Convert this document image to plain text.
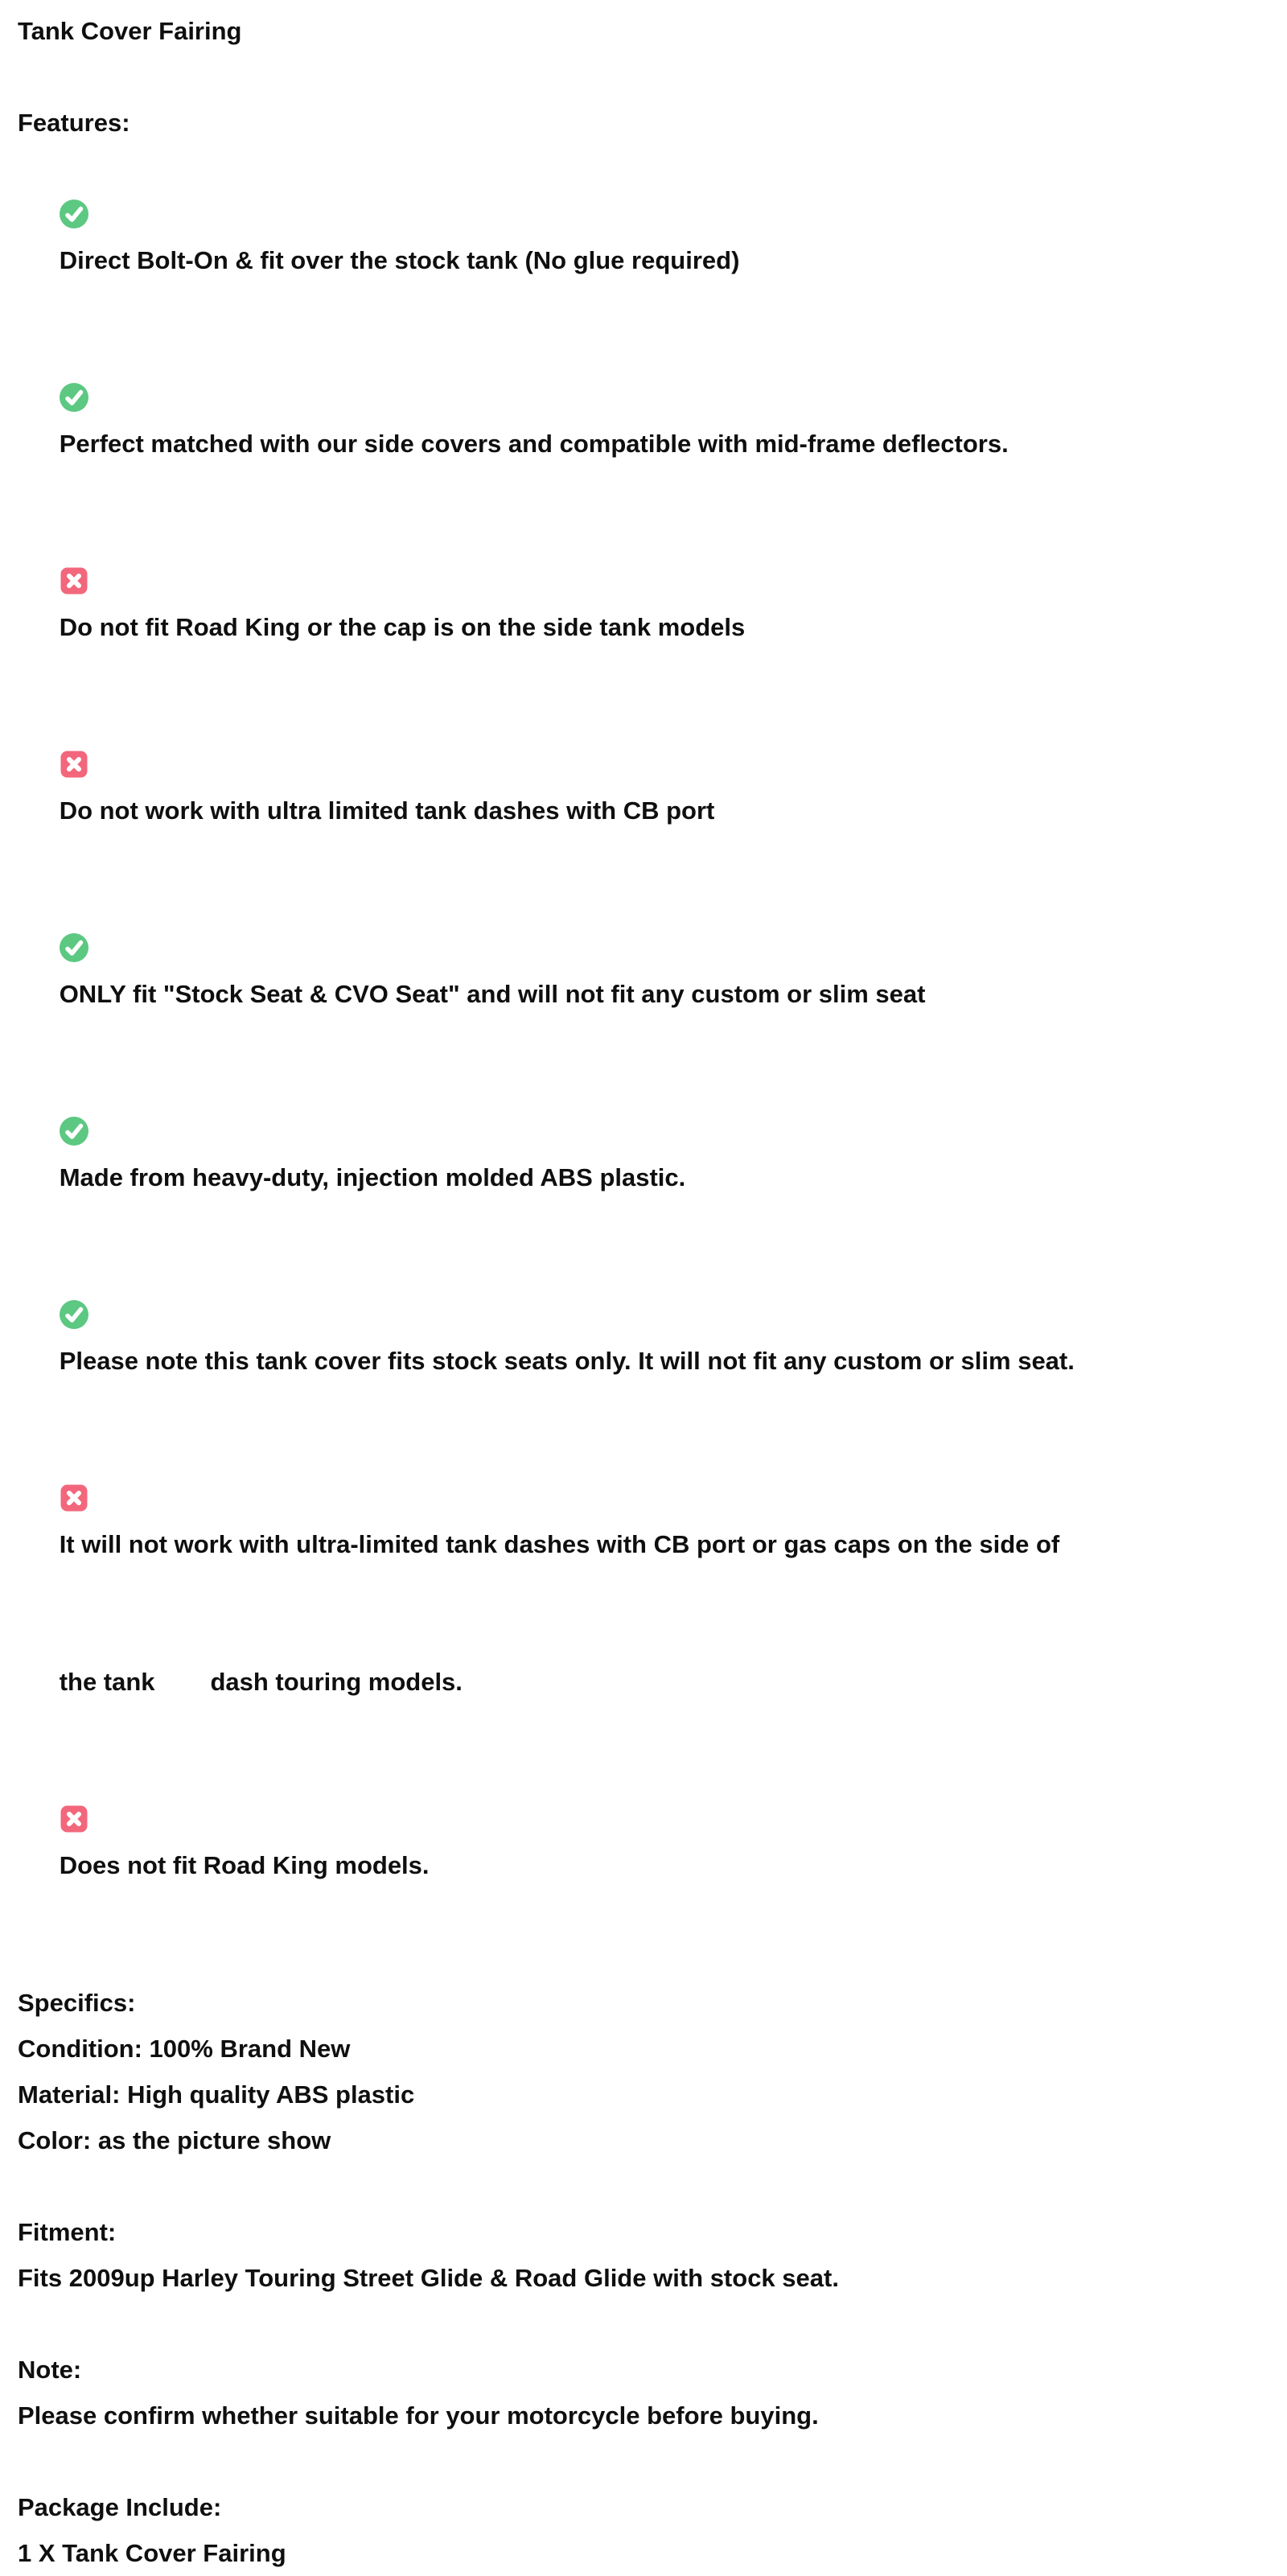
Tank Cover Fairing
Features:

Direct Bolt-On & fit over the stock tank (No glue required)

Perfect matched with our side covers and compatible with mid-frame deflectors.

Do not fit Road King or the cap is on the side tank models

Do not work with ultra limited tank dashes with CB port

ONLY fit "Stock Seat & CVO Seat" and will not fit any custom or slim seat

Made from heavy-duty, injection molded ABS plastic.

Please note this tank cover fits stock seats only. It will not fit any custom or slim seat.

It will not work with ultra-limited tank dashes with CB port or gas caps on the side of

the tank        dash touring models.

Does not fit Road King models.

Specifics:
Condition: 100% Brand New
Material: High quality ABS plastic
Color: as the picture show
Fitment:
Fits 2009up Harley Touring Street Glide & Road Glide with stock seat.
Note:
Please confirm whether suitable for your motorcycle before buying.
Package Include:
1 X Tank Cover Fairing
